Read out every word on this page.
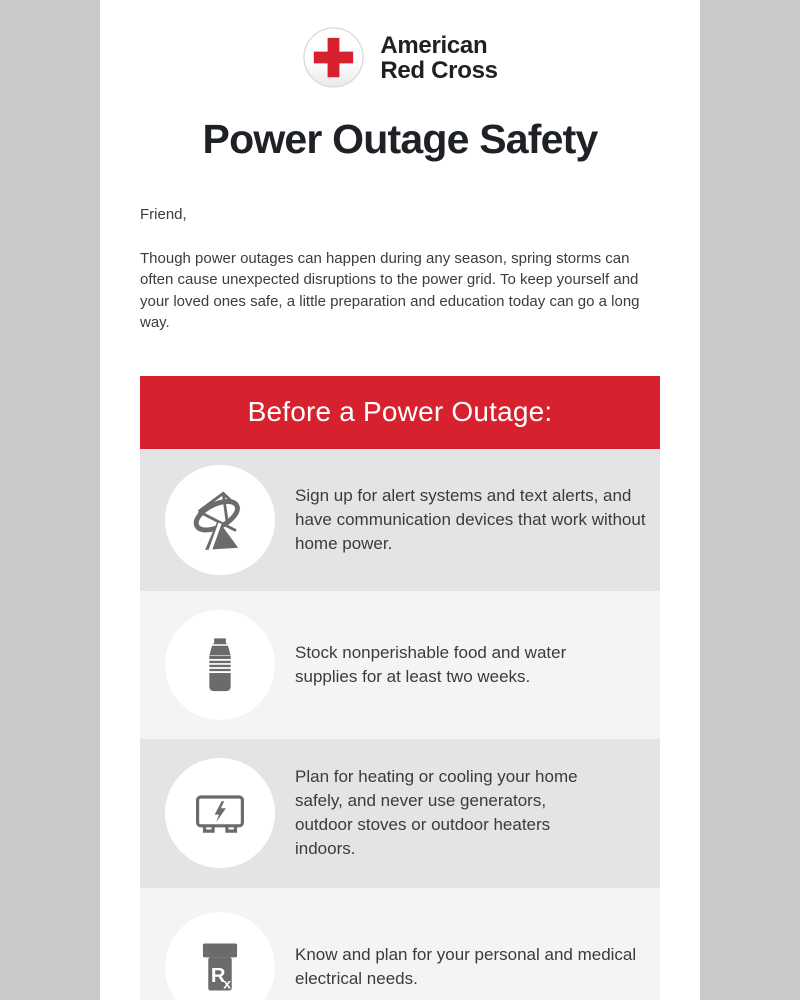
American
Red Cross
Power Outage Safety

Friend,

Though power outages can happen during any season, spring storms can often cause unexpected disruptions to the power grid. To keep yourself and your loved ones safe, a little preparation and education today can go a long way.

Before a Power Outage:
Sign up for alert systems and text alerts, and have communication devices that work without home power.
Stock nonperishable food and water supplies for at least two weeks.
Plan for heating or cooling your home safely, and never use generators, outdoor stoves or outdoor heaters indoors.
R
x
Know and plan for your personal and medical electrical needs.
